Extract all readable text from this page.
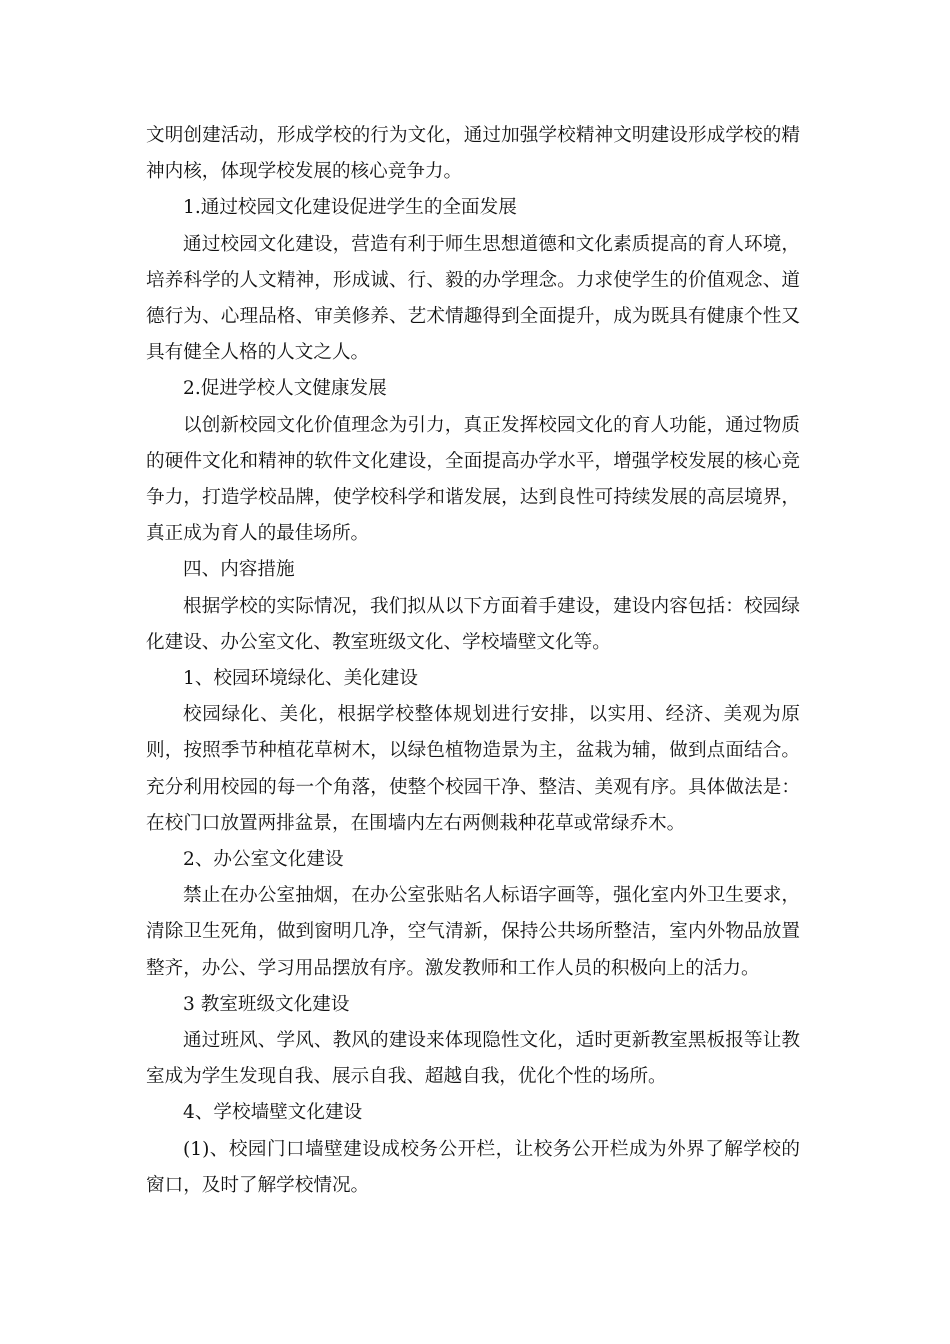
文明创建活动，形成学校的行为文化，通过加强学校精神文明建设形成学校的精神内核，体现学校发展的核心竞争力。

1.通过校园文化建设促进学生的全面发展

通过校园文化建设，营造有利于师生思想道德和文化素质提高的育人环境，培养科学的人文精神，形成诚、行、毅的办学理念。力求使学生的价值观念、道德行为、心理品格、审美修养、艺术情趣得到全面提升，成为既具有健康个性又具有健全人格的人文之人。

2.促进学校人文健康发展

以创新校园文化价值理念为引力，真正发挥校园文化的育人功能，通过物质的硬件文化和精神的软件文化建设，全面提高办学水平，增强学校发展的核心竞争力，打造学校品牌，使学校科学和谐发展，达到良性可持续发展的高层境界，真正成为育人的最佳场所。

四、内容措施

根据学校的实际情况，我们拟从以下方面着手建设，建设内容包括：校园绿化建设、办公室文化、教室班级文化、学校墙壁文化等。

1、校园环境绿化、美化建设

校园绿化、美化，根据学校整体规划进行安排，以实用、经济、美观为原则，按照季节种植花草树木，以绿色植物造景为主，盆栽为辅，做到点面结合。充分利用校园的每一个角落，使整个校园干净、整洁、美观有序。具体做法是：在校门口放置两排盆景，在围墙内左右两侧栽种花草或常绿乔木。

2、办公室文化建设

禁止在办公室抽烟，在办公室张贴名人标语字画等，强化室内外卫生要求，清除卫生死角，做到窗明几净，空气清新，保持公共场所整洁，室内外物品放置整齐，办公、学习用品摆放有序。激发教师和工作人员的积极向上的活力。

3 教室班级文化建设

通过班风、学风、教风的建设来体现隐性文化，适时更新教室黑板报等让教室成为学生发现自我、展示自我、超越自我，优化个性的场所。

4、学校墙壁文化建设

(1)、校园门口墙壁建设成校务公开栏，让校务公开栏成为外界了解学校的窗口，及时了解学校情况。
